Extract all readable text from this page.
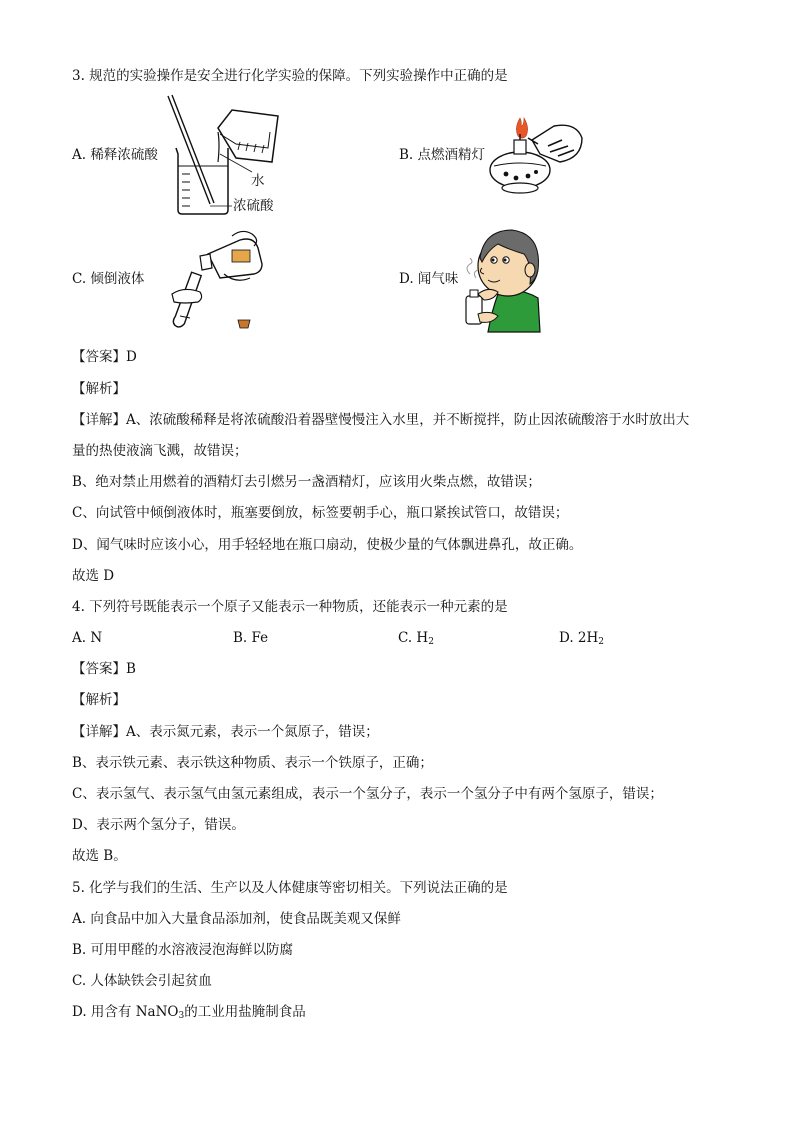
3. 规范的实验操作是安全进行化学实验的保障。下列实验操作中正确的是
A. 稀释浓硫酸
水
浓硫酸
B. 点燃酒精灯
C. 倾倒液体	D. 闻气味
【答案】D
【解析】
【详解】A、浓硫酸稀释是将浓硫酸沿着器壁慢慢注入水里，并不断搅拌，防止因浓硫酸溶于水时放出大
量的热使液滴飞溅，故错误；
B、绝对禁止用燃着的酒精灯去引燃另一盏酒精灯，应该用火柴点燃，故错误；
C、向试管中倾倒液体时，瓶塞要倒放，标签要朝手心，瓶口紧挨试管口，故错误；
D、闻气味时应该小心，用手轻轻地在瓶口扇动，使极少量的气体飘进鼻孔，故正确。
故选 D
4. 下列符号既能表示一个原子又能表示一种物质，还能表示一种元素的是
A. N	B. Fe	C. $H_2$	D. $2H_2$
【答案】B
【解析】
【详解】A、表示氮元素，表示一个氮原子，错误；
B、表示铁元素、表示铁这种物质、表示一个铁原子，正确；
C、表示氢气、表示氢气由氢元素组成，表示一个氢分子，表示一个氢分子中有两个氢原子，错误；
D、表示两个氢分子，错误。
故选 B。
5. 化学与我们的生活、生产以及人体健康等密切相关。下列说法正确的是
A. 向食品中加入大量食品添加剂，使食品既美观又保鲜
B. 可用甲醛的水溶液浸泡海鲜以防腐
C. 人体缺铁会引起贫血
D. 用含有 NaNO$_3$的工业用盐腌制食品
